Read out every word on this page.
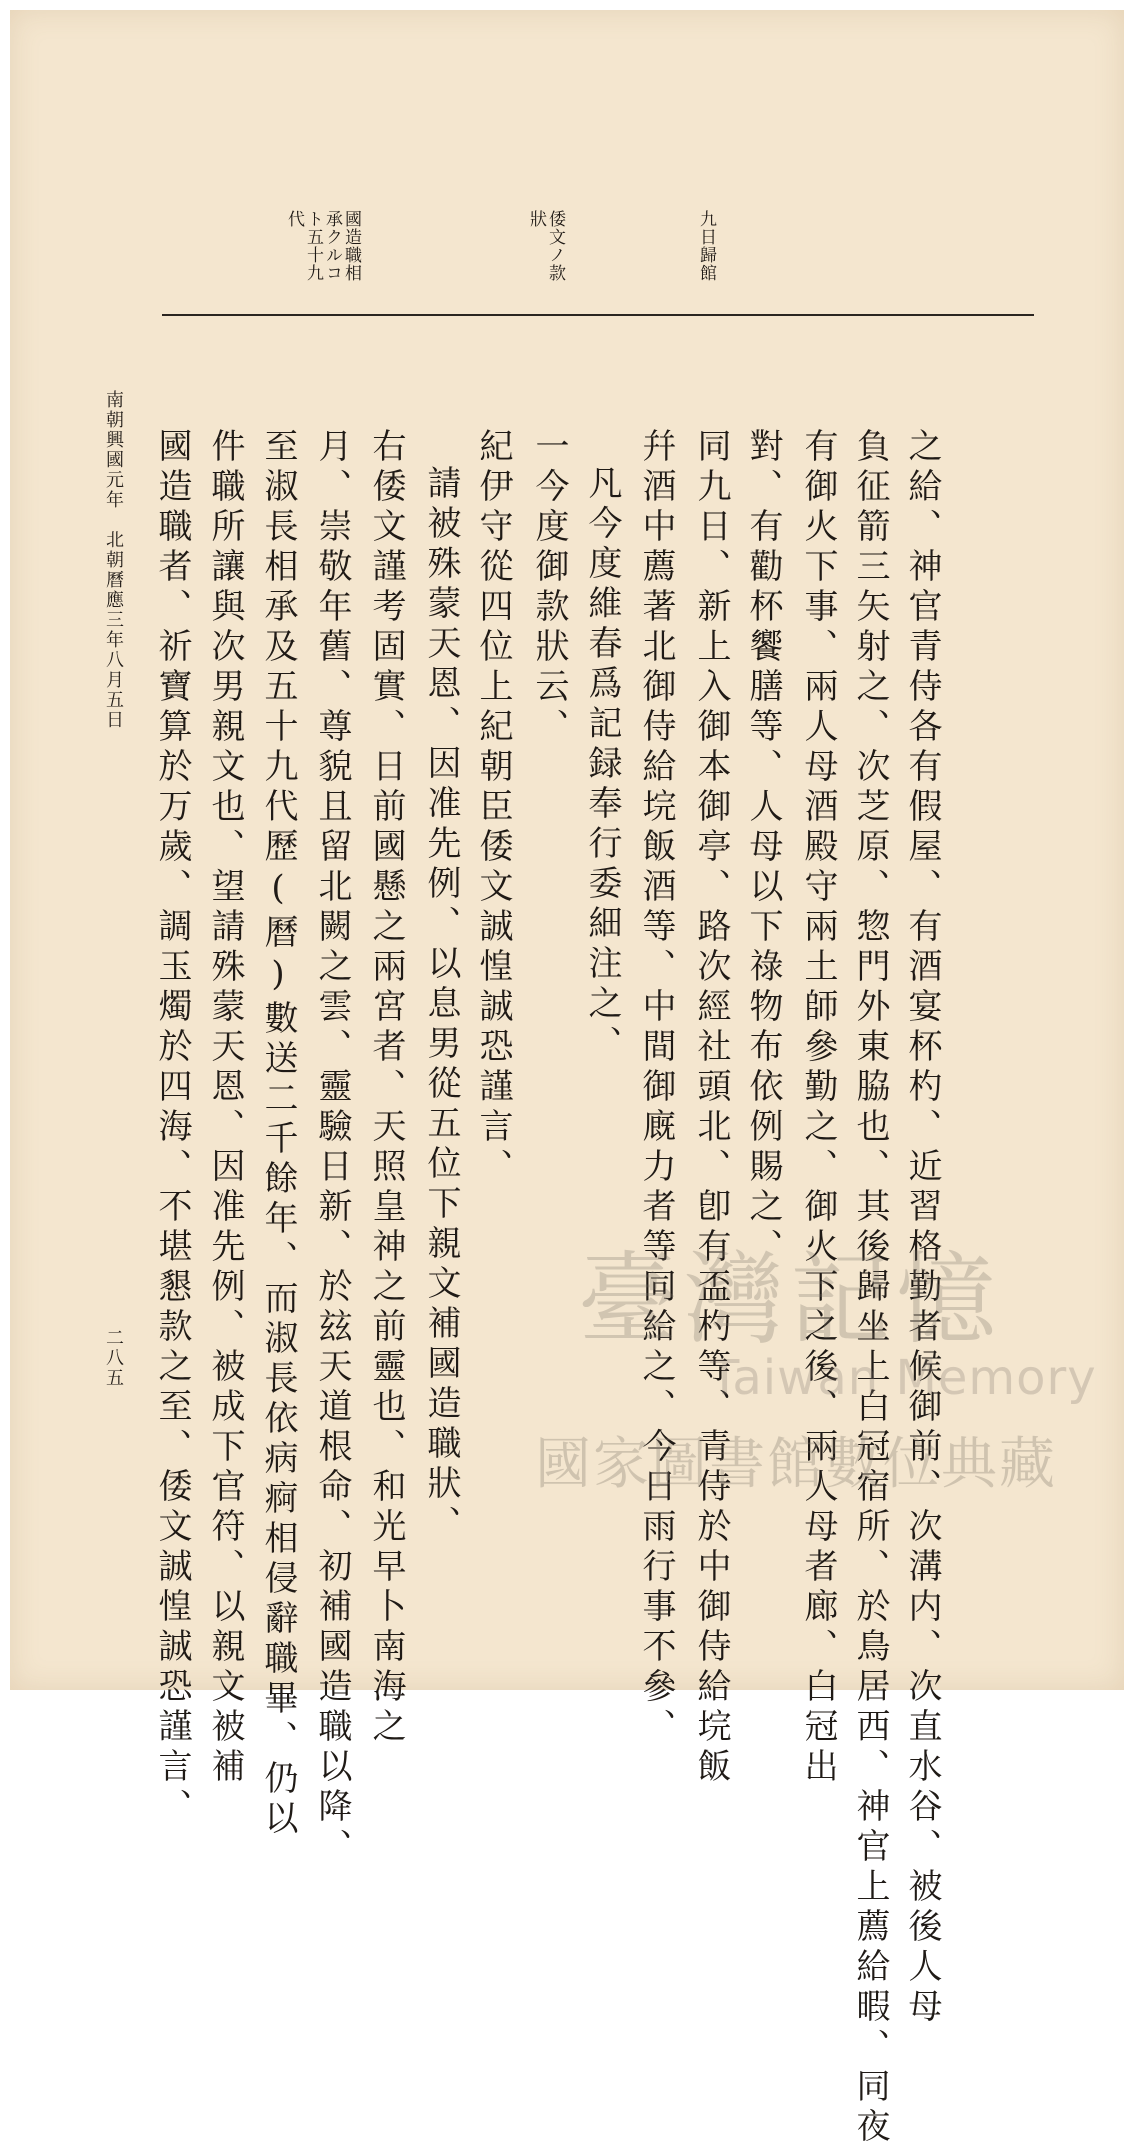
九日歸館
倭文ノ款狀
國造職相承クルコト五十九代
之給、神官青侍各有假屋、有酒宴杯杓、近習格勤者候御前、次溝内、次直水谷、被後人母
負征箭三矢射之、次芝原、惣門外東脇也、其後歸坐上白冠宿所、於鳥居西、神官上薦給暇、同夜
有御火下事、兩人母酒殿守兩土師參勤之、御火下之後、兩人母者廊、白冠出
對、有勸杯饗膳等、人母以下祿物布依例賜之、
同九日、新上入御本御亭、路次經社頭北、卽有盃杓等、青侍於中御侍給垸飯
幷酒中薦著北御侍給垸飯酒等、中間御廐力者等同給之、今日雨行事不參、
凡今度維春爲記録奉行委細注之、
一今度御款狀云、
紀伊守從四位上紀朝臣倭文誠惶誠恐謹言、
請被殊蒙天恩、因准先例、以息男從五位下親文補國造職狀、
右倭文謹考固實、日前國懸之兩宮者、天照皇神之前靈也、和光早卜南海之
月、崇敬年舊、尊貌且留北闕之雲、靈驗日新、於玆天道根命、初補國造職以降、
至淑長相承及五十九代歷(曆)數送二千餘年、而淑長依病痾相侵辭職畢、仍以
件職所讓與次男親文也、望請殊蒙天恩、因准先例、被成下官符、以親文被補
國造職者、祈寶算於万歲、調玉燭於四海、不堪懇款之至、倭文誠惶誠恐謹言、
南朝興國元年　北朝曆應三年八月五日
二八五	臺灣記憶
Taiwan Memory
國家圖書館數位典藏
